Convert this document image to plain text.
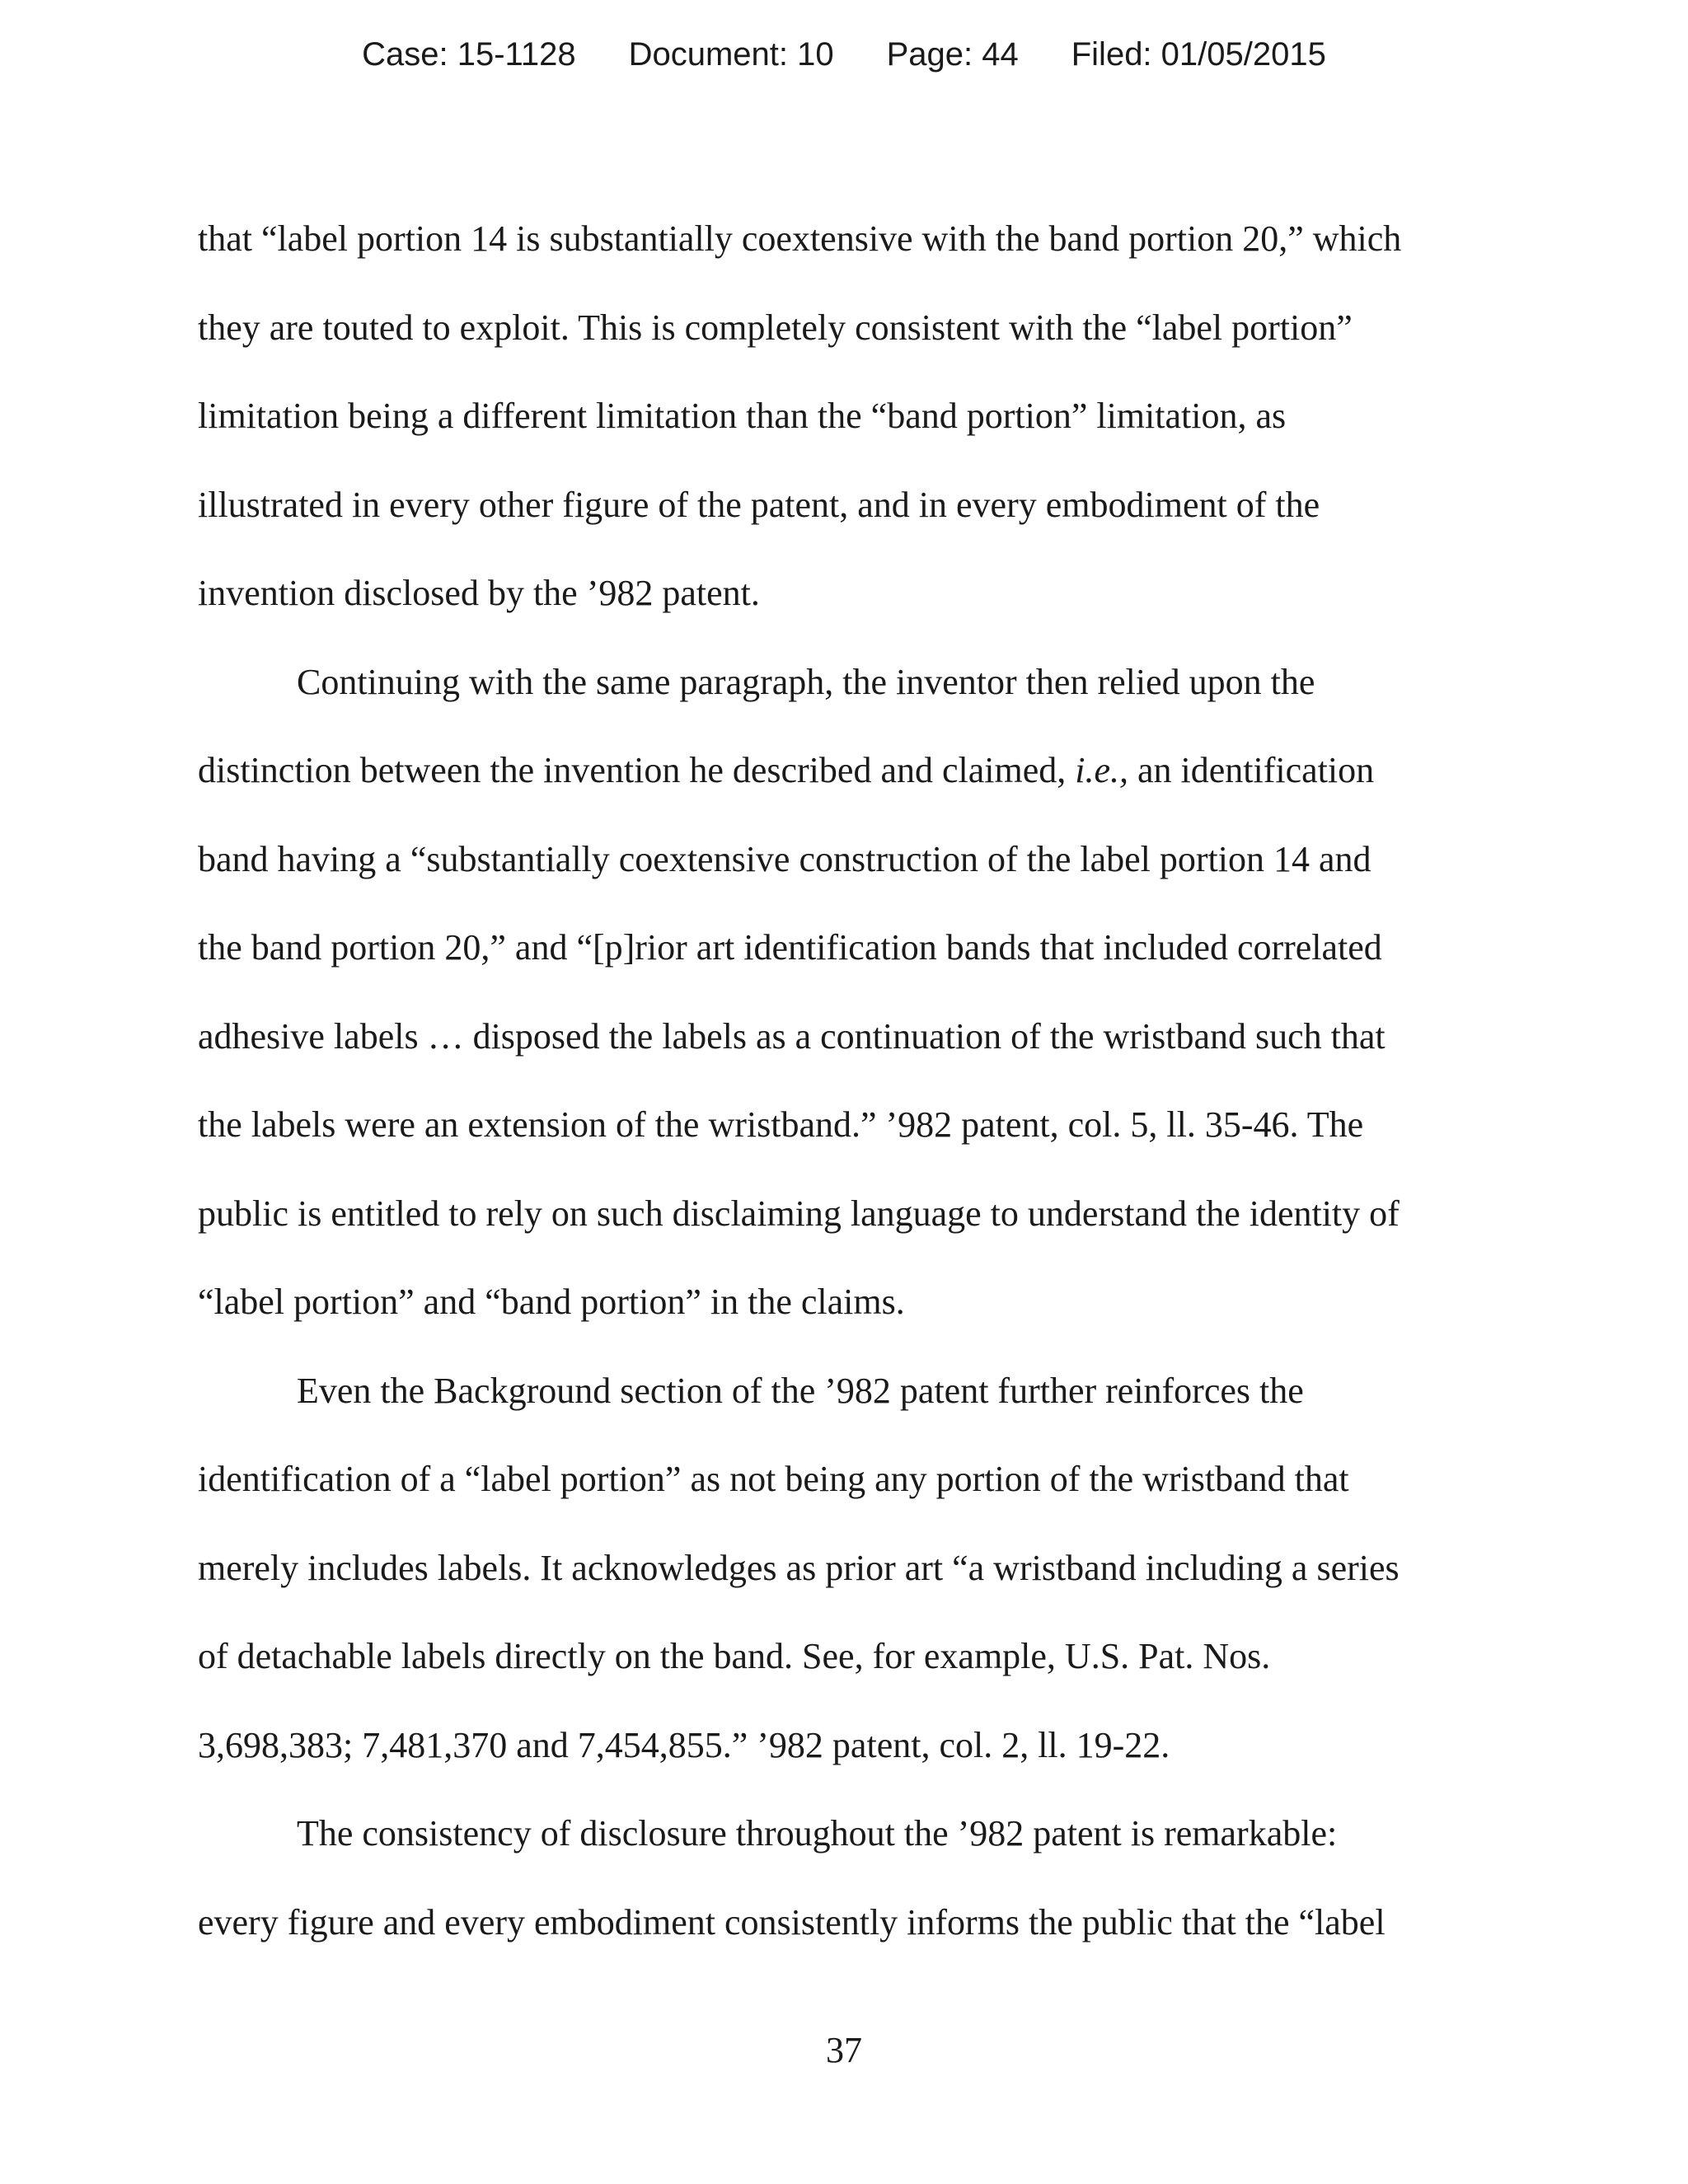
Case: 15-1128 Document: 10 Page: 44 Filed: 01/05/2015
that “label portion 14 is substantially coextensive with the band portion 20,” which
they are touted to exploit. This is completely consistent with the “label portion”
limitation being a different limitation than the “band portion” limitation, as
illustrated in every other figure of the patent, and in every embodiment of the
invention disclosed by the ’982 patent.
Continuing with the same paragraph, the inventor then relied upon the
distinction between the invention he described and claimed, i.e., an identification
band having a “substantially coextensive construction of the label portion 14 and
the band portion 20,” and “[p]rior art identification bands that included correlated
adhesive labels … disposed the labels as a continuation of the wristband such that
the labels were an extension of the wristband.” ’982 patent, col. 5, ll. 35-46. The
public is entitled to rely on such disclaiming language to understand the identity of
“label portion” and “band portion” in the claims.
Even the Background section of the ’982 patent further reinforces the
identification of a “label portion” as not being any portion of the wristband that
merely includes labels. It acknowledges as prior art “a wristband including a series
of detachable labels directly on the band. See, for example, U.S. Pat. Nos.
3,698,383; 7,481,370 and 7,454,855.” ’982 patent, col. 2, ll. 19-22.
The consistency of disclosure throughout the ’982 patent is remarkable:
every figure and every embodiment consistently informs the public that the “label
37
